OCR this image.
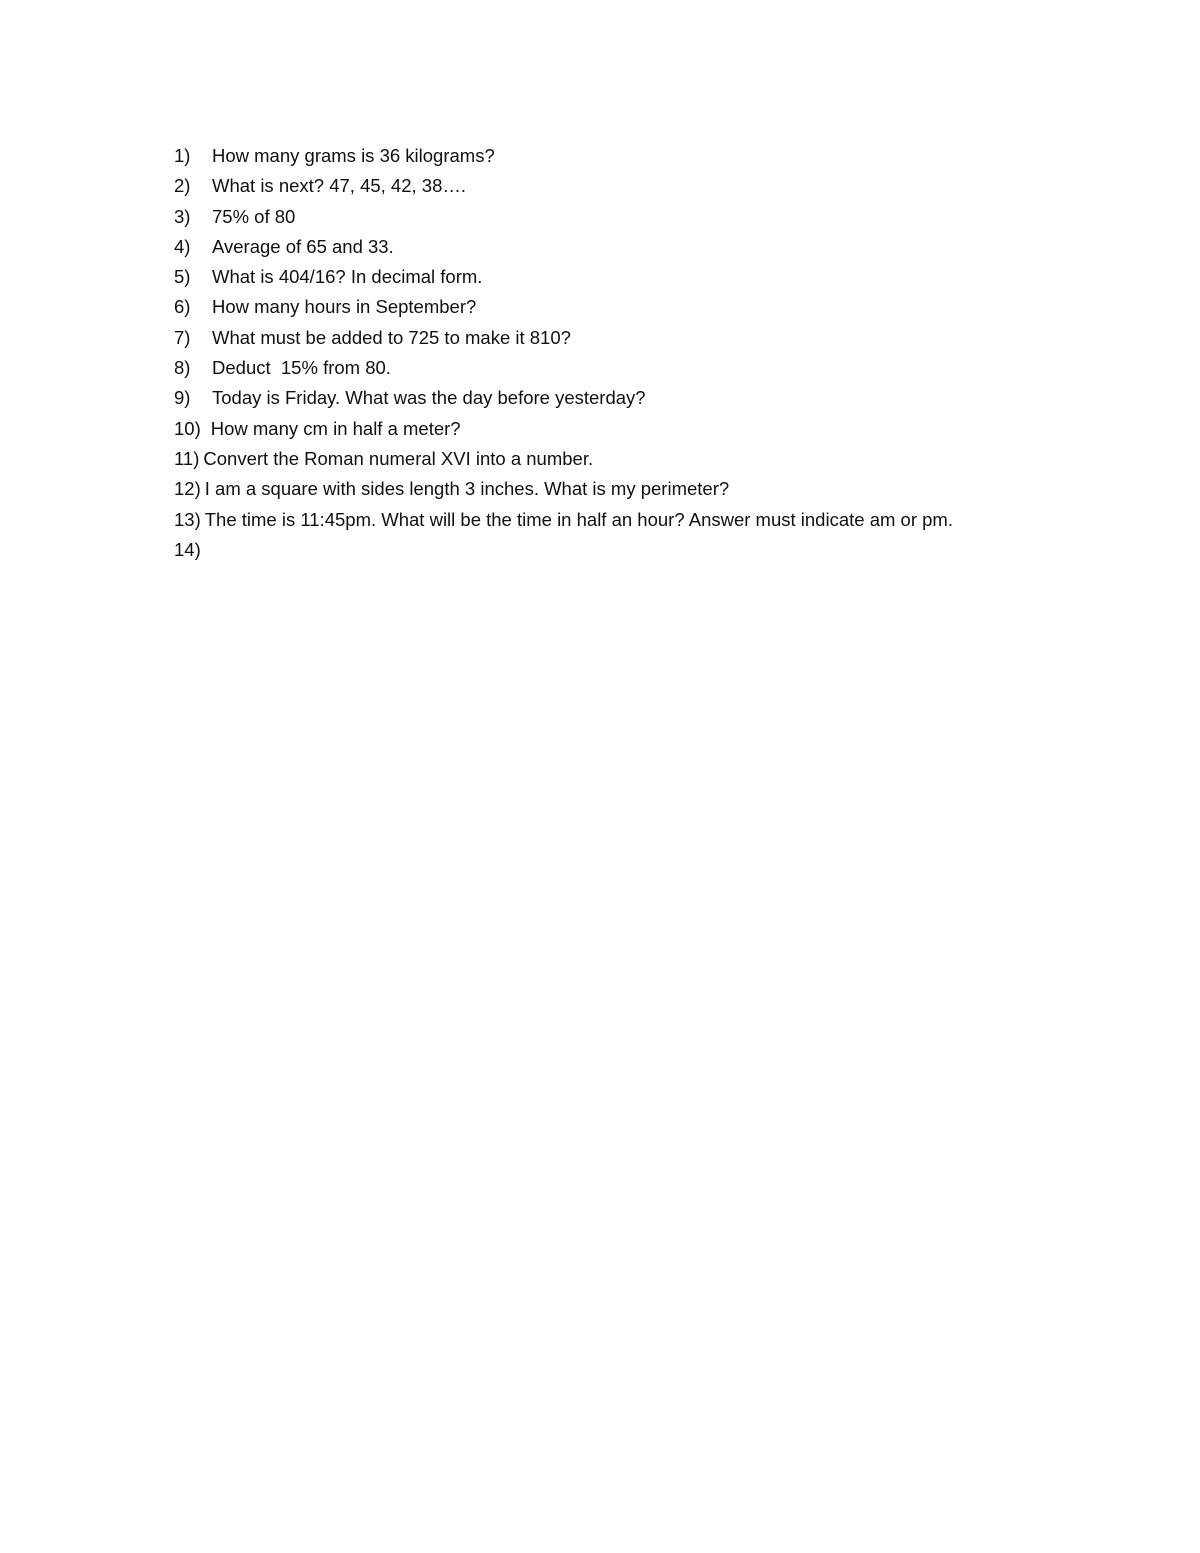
1) How many grams is 36 kilograms?
2) What is next? 47, 45, 42, 38….
3) 75% of 80
4) Average of 65 and 33.
5) What is 404/16? In decimal form.
6) How many hours in September?
7) What must be added to 725 to make it 810?
8) Deduct  15% from 80.
9) Today is Friday. What was the day before yesterday?
10) How many cm in half a meter?
11) Convert the Roman numeral XVI into a number.
12) I am a square with sides length 3 inches. What is my perimeter?
13) The time is 11:45pm. What will be the time in half an hour? Answer must indicate am or pm.
14)
